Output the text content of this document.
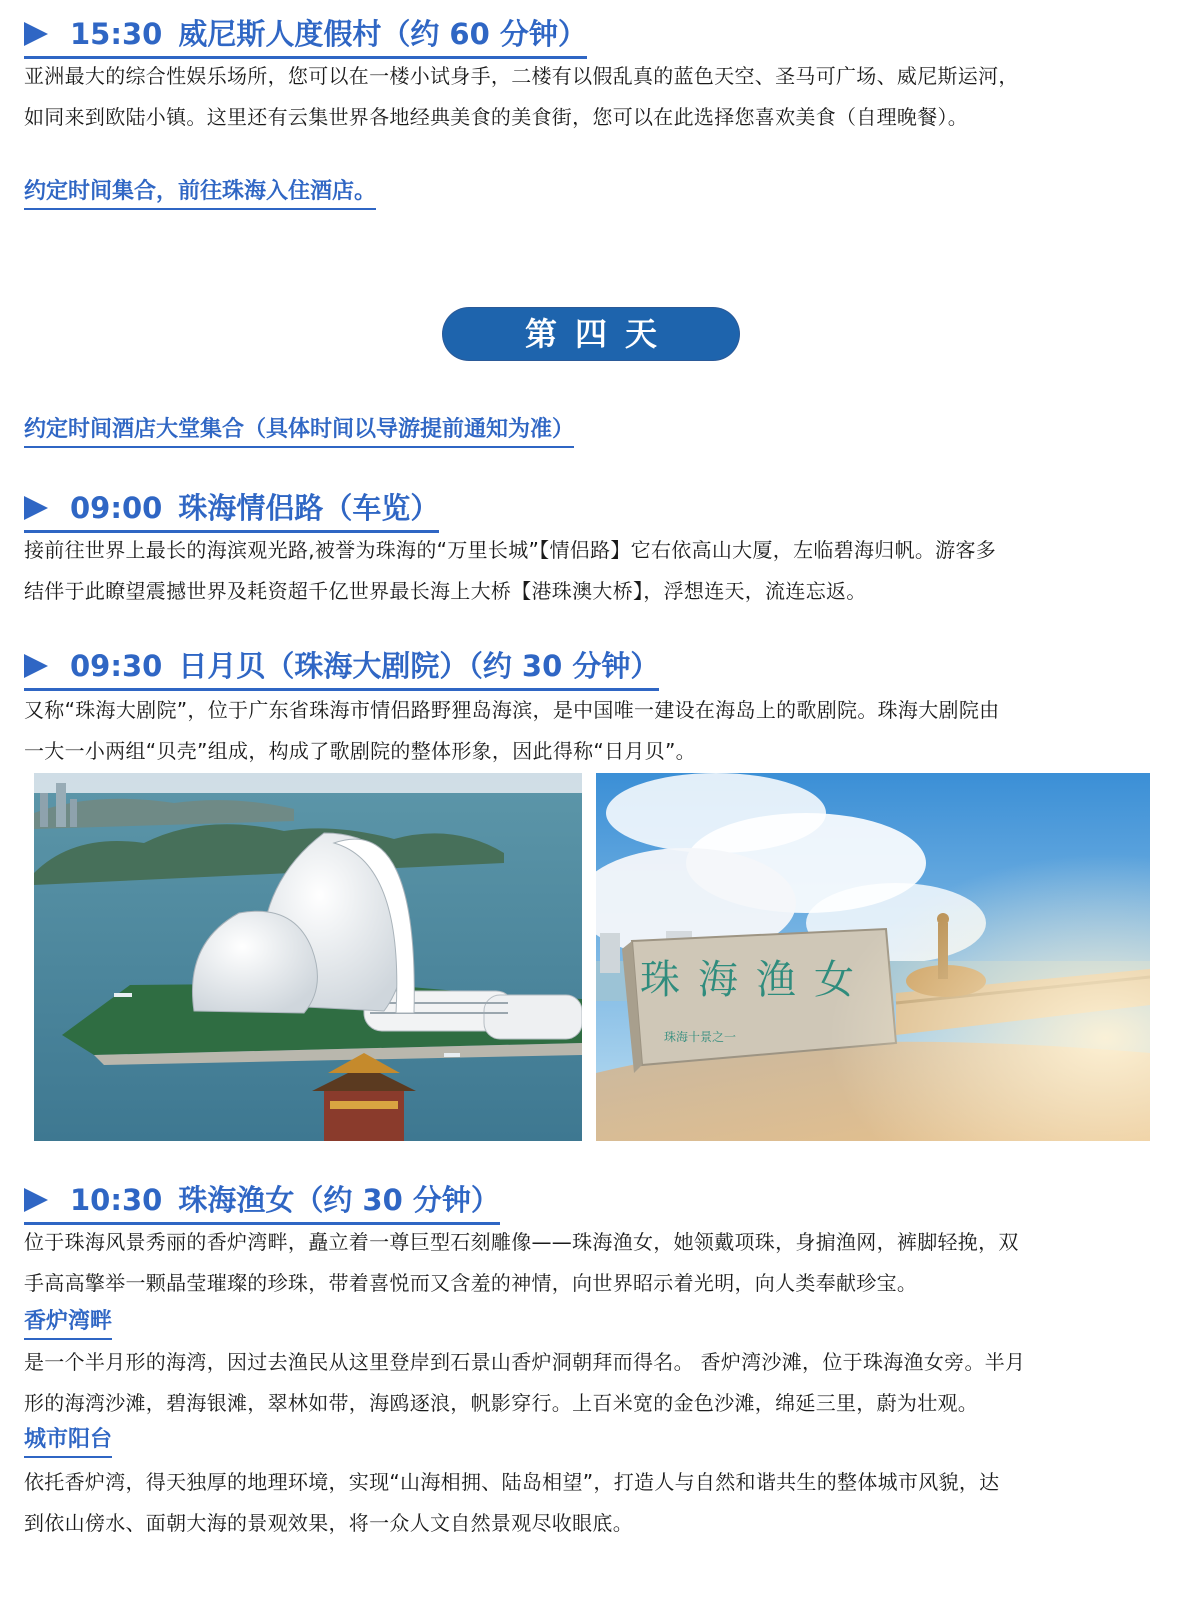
15:30 威尼斯人度假村（约 60 分钟）
亚洲最大的综合性娱乐场所，您可以在一楼小试身手，二楼有以假乱真的蓝色天空、圣马可广场、威尼斯运河，
如同来到欧陆小镇。这里还有云集世界各地经典美食的美食街，您可以在此选择您喜欢美食（自理晚餐）。
约定时间集合，前往珠海入住酒店。
第四天
约定时间酒店大堂集合（具体时间以导游提前通知为准）
09:00 珠海情侣路（车览）
接前往世界上最长的海滨观光路,被誉为珠海的“万里长城”【情侣路】它右依高山大厦，左临碧海归帆。游客多
结伴于此瞭望震撼世界及耗资超千亿世界最长海上大桥【港珠澳大桥】，浮想连天，流连忘返。
09:30 日月贝（珠海大剧院）（约 30 分钟）
又称“珠海大剧院”，位于广东省珠海市情侣路野狸岛海滨，是中国唯一建设在海岛上的歌剧院。珠海大剧院由
一大一小两组“贝壳”组成，构成了歌剧院的整体形象，因此得称“日月贝”。
珠海渔女
珠海十景之一
10:30 珠海渔女（约 30 分钟）
位于珠海风景秀丽的香炉湾畔，矗立着一尊巨型石刻雕像——珠海渔女，她领戴项珠，身掮渔网，裤脚轻挽，双
手高高擎举一颗晶莹璀璨的珍珠，带着喜悦而又含羞的神情，向世界昭示着光明，向人类奉献珍宝。
香炉湾畔
是一个半月形的海湾，因过去渔民从这里登岸到石景山香炉洞朝拜而得名。 香炉湾沙滩，位于珠海渔女旁。半月
形的海湾沙滩，碧海银滩，翠林如带，海鸥逐浪，帆影穿行。上百米宽的金色沙滩，绵延三里，蔚为壮观。
城市阳台
依托香炉湾，得天独厚的地理环境，实现“山海相拥、陆岛相望”，打造人与自然和谐共生的整体城市风貌，达
到依山傍水、面朝大海的景观效果，将一众人文自然景观尽收眼底。
